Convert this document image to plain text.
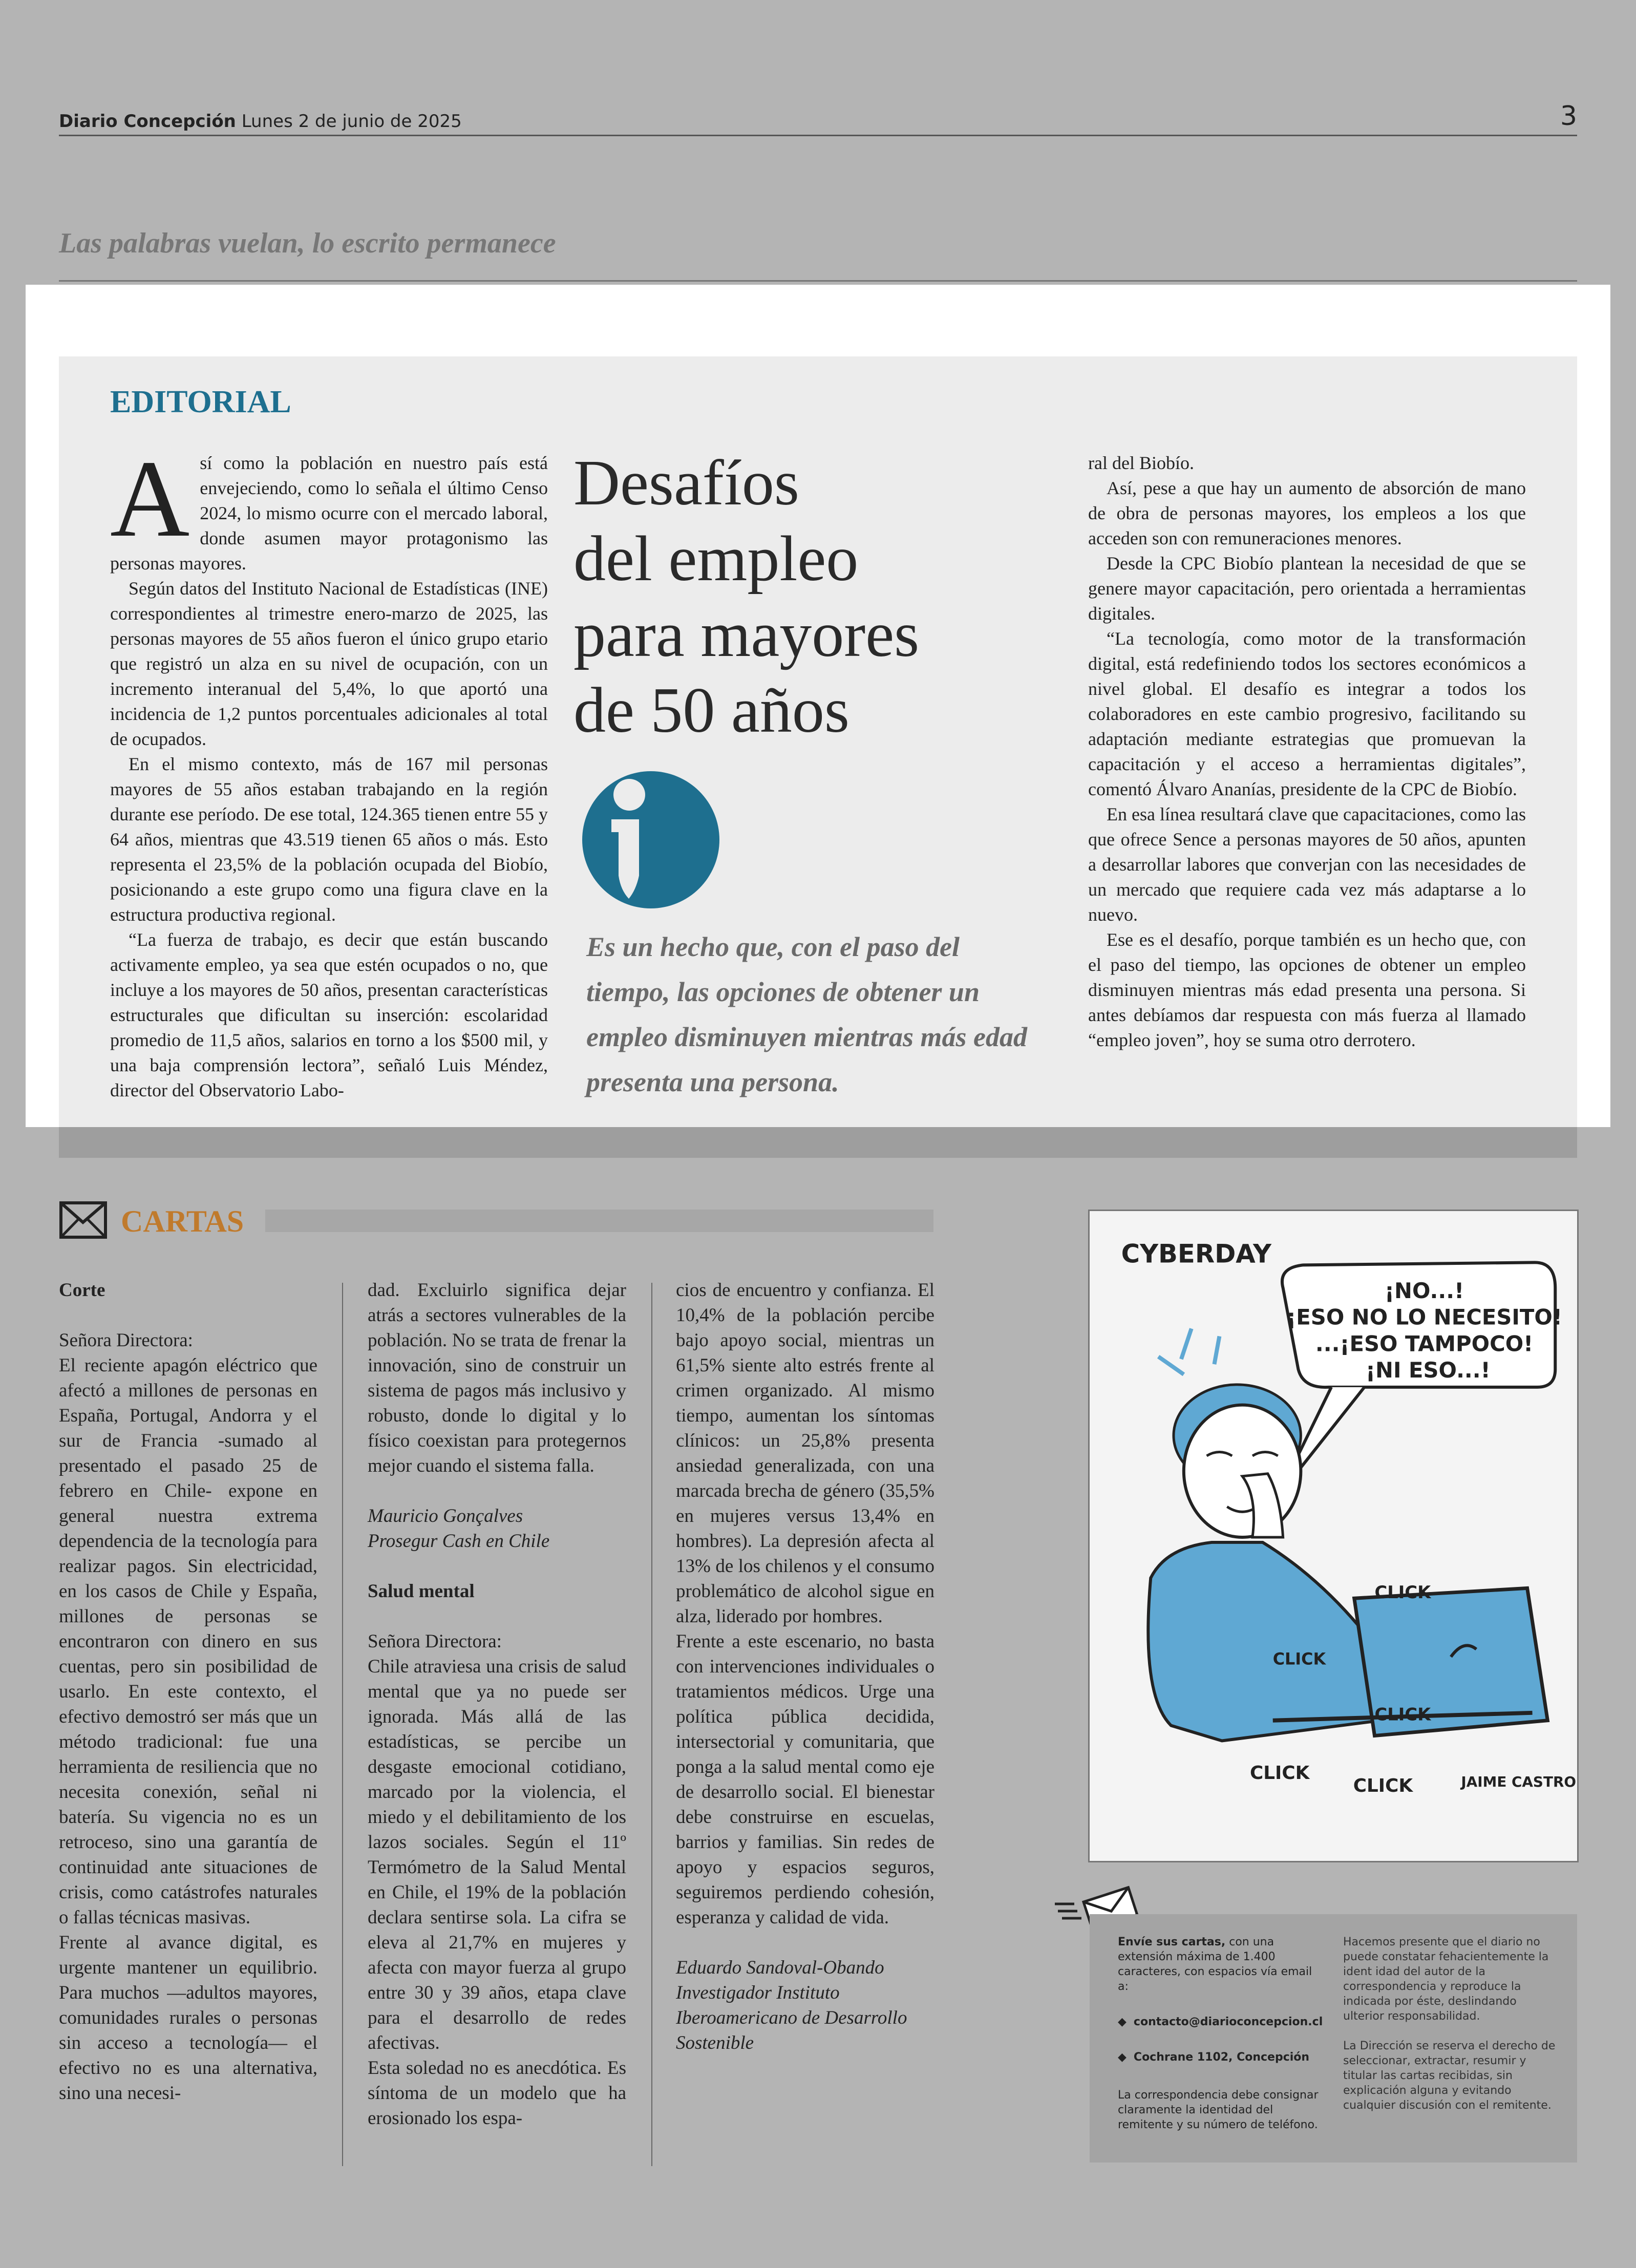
Diario Concepción Lunes 2 de junio de 2025	3
Las palabras vuelan, lo escrito permanece
EDITORIAL

Así como la población en nuestro país está envejeciendo, como lo señala el último Censo 2024, lo mismo ocurre con el mercado laboral, donde asumen mayor protagonismo las personas mayores.

Según datos del Instituto Nacional de Estadísticas (INE) correspondientes al trimestre enero-marzo de 2025, las personas mayores de 55 años fueron el único grupo etario que registró un alza en su nivel de ocupación, con un incremento interanual del 5,4%, lo que aportó una incidencia de 1,2 puntos porcentuales adicionales al total de ocupados.

En el mismo contexto, más de 167 mil personas mayores de 55 años estaban trabajando en la región durante ese período. De ese total, 124.365 tienen entre 55 y 64 años, mientras que 43.519 tienen 65 años o más. Esto representa el 23,5% de la población ocupada del Biobío, posicionando a este grupo como una figura clave en la estructura productiva regional.

“La fuerza de trabajo, es decir que están buscando activamente empleo, ya sea que estén ocupados o no, que incluye a los mayores de 50 años, presentan características estructurales que dificultan su inserción: escolaridad promedio de 11,5 años, salarios en torno a los $500 mil, y una baja comprensión lectora”, señaló Luis Méndez, director del Observatorio Labo-

Desafíos
del empleo
para mayores
de 50 años
Es un hecho que, con el paso del tiempo, las opciones de obtener un empleo disminuyen mientras más edad presenta una persona.

ral del Biobío.

Así, pese a que hay un aumento de absorción de mano de obra de personas mayores, los empleos a los que acceden son con remuneraciones menores.

Desde la CPC Biobío plantean la necesidad de que se genere mayor capacitación, pero orientada a herramientas digitales.

“La tecnología, como motor de la transformación digital, está redefiniendo todos los sectores económicos a nivel global. El desafío es integrar a todos los colaboradores en este cambio progresivo, facilitando su adaptación mediante estrategias que promuevan la capacitación y el acceso a herramientas digitales”, comentó Álvaro Ananías, presidente de la CPC de Biobío.

En esa línea resultará clave que capacitaciones, como las que ofrece Sence a personas mayores de 50 años, apunten a desarrollar labores que converjan con las necesidades de un mercado que requiere cada vez más adaptarse a lo nuevo.

Ese es el desafío, porque también es un hecho que, con el paso del tiempo, las opciones de obtener un empleo disminuyen mientras más edad presenta una persona. Si antes debíamos dar respuesta con más fuerza al llamado “empleo joven”, hoy se suma otro derrotero.

CARTAS
Corte
Señora Directora:
El reciente apagón eléctrico que afectó a millones de personas en España, Portugal, Andorra y el sur de Francia -sumado al presentado el pasado 25 de febrero en Chile- expone en general nuestra extrema dependencia de la tecnología para realizar pagos. Sin electricidad, en los casos de Chile y España, millones de personas se encontraron con dinero en sus cuentas, pero sin posibilidad de usarlo. En este contexto, el efectivo demostró ser más que un método tradicional: fue una herramienta de resiliencia que no necesita conexión, señal ni batería. Su vigencia no es un retroceso, sino una garantía de continuidad ante situaciones de crisis, como catástrofes naturales o fallas técnicas masivas.
Frente al avance digital, es urgente mantener un equilibrio. Para muchos —adultos mayores, comunidades rurales o personas sin acceso a tecnología— el efectivo no es una alternativa, sino una necesi-
dad. Excluirlo significa dejar atrás a sectores vulnerables de la población. No se trata de frenar la innovación, sino de construir un sistema de pagos más inclusivo y robusto, donde lo digital y lo físico coexistan para protegernos mejor cuando el sistema falla.
Mauricio Gonçalves
Prosegur Cash en Chile
Salud mental
Señora Directora:
Chile atraviesa una crisis de salud mental que ya no puede ser ignorada. Más allá de las estadísticas, se percibe un desgaste emocional cotidiano, marcado por la violencia, el miedo y el debilitamiento de los lazos sociales. Según el 11º Termómetro de la Salud Mental en Chile, el 19% de la población declara sentirse sola. La cifra se eleva al 21,7% en mujeres y afecta con mayor fuerza al grupo entre 30 y 39 años, etapa clave para el desarrollo de redes afectivas.
Esta soledad no es anecdótica. Es síntoma de un modelo que ha erosionado los espa-
cios de encuentro y confianza. El 10,4% de la población percibe bajo apoyo social, mientras un 61,5% siente alto estrés frente al crimen organizado. Al mismo tiempo, aumentan los síntomas clínicos: un 25,8% presenta ansiedad generalizada, con una marcada brecha de género (35,5% en mujeres versus 13,4% en hombres). La depresión afecta al 13% de los chilenos y el consumo problemático de alcohol sigue en alza, liderado por hombres.
Frente a este escenario, no basta con intervenciones individuales o tratamientos médicos. Urge una política pública decidida, intersectorial y comunitaria, que ponga a la salud mental como eje de desarrollo social. El bienestar debe construirse en escuelas, barrios y familias. Sin redes de apoyo y espacios seguros, seguiremos perdiendo cohesión, esperanza y calidad de vida.
Eduardo Sandoval-Obando
Investigador Instituto Iberoamericano de Desarrollo Sostenible
CYBERDAY
¡NO...! ¡ESO NO LO NECESITO! ...¡ESO TAMPOCO! ¡NI ESO...!
CLICK
CLICK
CLICK
CLICK
CLICK	JAIME CASTRO
Envíe sus cartas, con una extensión máxima de 1.400 caracteres, con espacios vía email a:
◆ contacto@diarioconcepcion.cl
◆ Cochrane 1102, Concepción
La correspondencia debe consignar claramente la identidad del remitente y su número de teléfono.
Hacemos presente que el diario no puede constatar fehacientemente la ident idad del autor de la correspondencia y reproduce la indicada por éste, deslindando ulterior responsabilidad.
La Dirección se reserva el derecho de seleccionar, extractar, resumir y titular las cartas recibidas, sin explicación alguna y evitando cualquier discusión con el remitente.
